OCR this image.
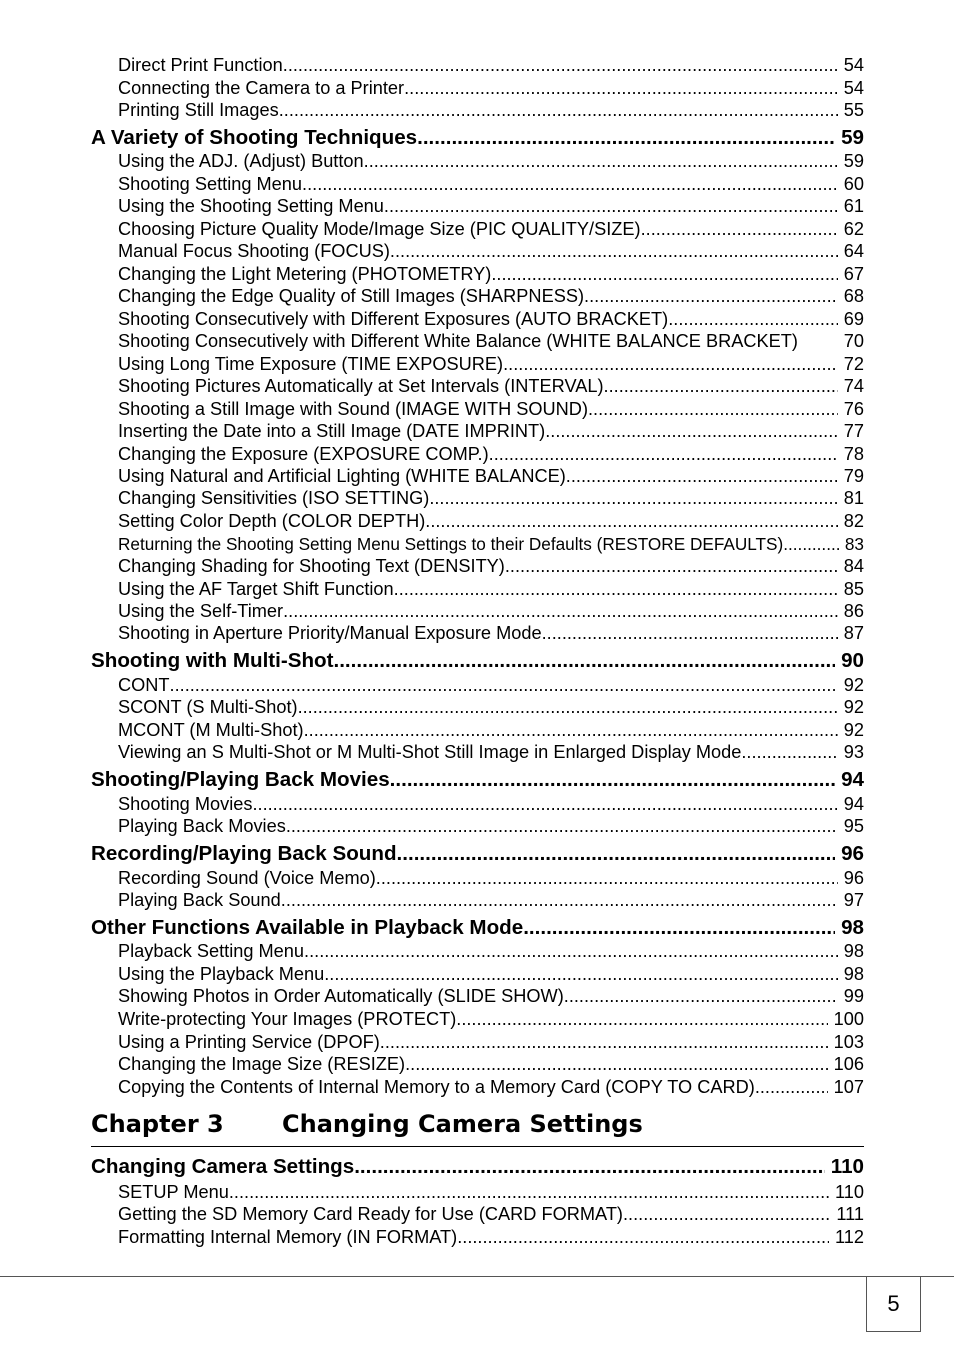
Direct Print Function .....	54
Connecting the Camera to a Printer .....	54
Printing Still Images .....	55
A Variety of Shooting Techniques .....	59
Using the ADJ. (Adjust) Button .....	59
Shooting Setting Menu .....	60
Using the Shooting Setting Menu .....	61
Choosing Picture Quality Mode/Image Size (PIC QUALITY/SIZE) .....	62
Manual Focus Shooting (FOCUS) .....	64
Changing the Light Metering (PHOTOMETRY) .....	67
Changing the Edge Quality of Still Images (SHARPNESS) .....	68
Shooting Consecutively with Different Exposures (AUTO BRACKET) .....	69
Shooting Consecutively with Different White Balance (WHITE BALANCE BRACKET)	70
Using Long Time Exposure (TIME EXPOSURE) .....	72
Shooting Pictures Automatically at Set Intervals (INTERVAL) .....	74
Shooting a Still Image with Sound (IMAGE WITH SOUND) .....	76
Inserting the Date into a Still Image (DATE IMPRINT) .....	77
Changing the Exposure (EXPOSURE COMP.) .....	78
Using Natural and Artificial Lighting (WHITE BALANCE) .....	79
Changing Sensitivities (ISO SETTING) .....	81
Setting Color Depth (COLOR DEPTH) .....	82
Returning the Shooting Setting Menu Settings to their Defaults (RESTORE DEFAULTS) .....	83
Changing Shading for Shooting Text (DENSITY) .....	84
Using the AF Target Shift Function .....	85
Using the Self-Timer .....	86
Shooting in Aperture Priority/Manual Exposure Mode .....	87
Shooting with Multi-Shot .....	90
CONT .....	92
SCONT (S Multi-Shot) .....	92
MCONT (M Multi-Shot) .....	92
Viewing an S Multi-Shot or M Multi-Shot Still Image in Enlarged Display Mode .....	93
Shooting/Playing Back Movies .....	94
Shooting Movies .....	94
Playing Back Movies .....	95
Recording/Playing Back Sound .....	96
Recording Sound (Voice Memo) .....	96
Playing Back Sound .....	97
Other Functions Available in Playback Mode .....	98
Playback Setting Menu .....	98
Using the Playback Menu .....	98
Showing Photos in Order Automatically (SLIDE SHOW) .....	99
Write-protecting Your Images (PROTECT) .....	100
Using a Printing Service (DPOF) .....	103
Changing the Image Size (RESIZE) .....	106
Copying the Contents of Internal Memory to a Memory Card (COPY TO CARD) .....	107
Changing Camera Settings .....	110
SETUP Menu .....	110
Getting the SD Memory Card Ready for Use (CARD FORMAT) .....	111
Formatting Internal Memory (IN FORMAT) .....	112
Chapter 3 Changing Camera Settings
5
